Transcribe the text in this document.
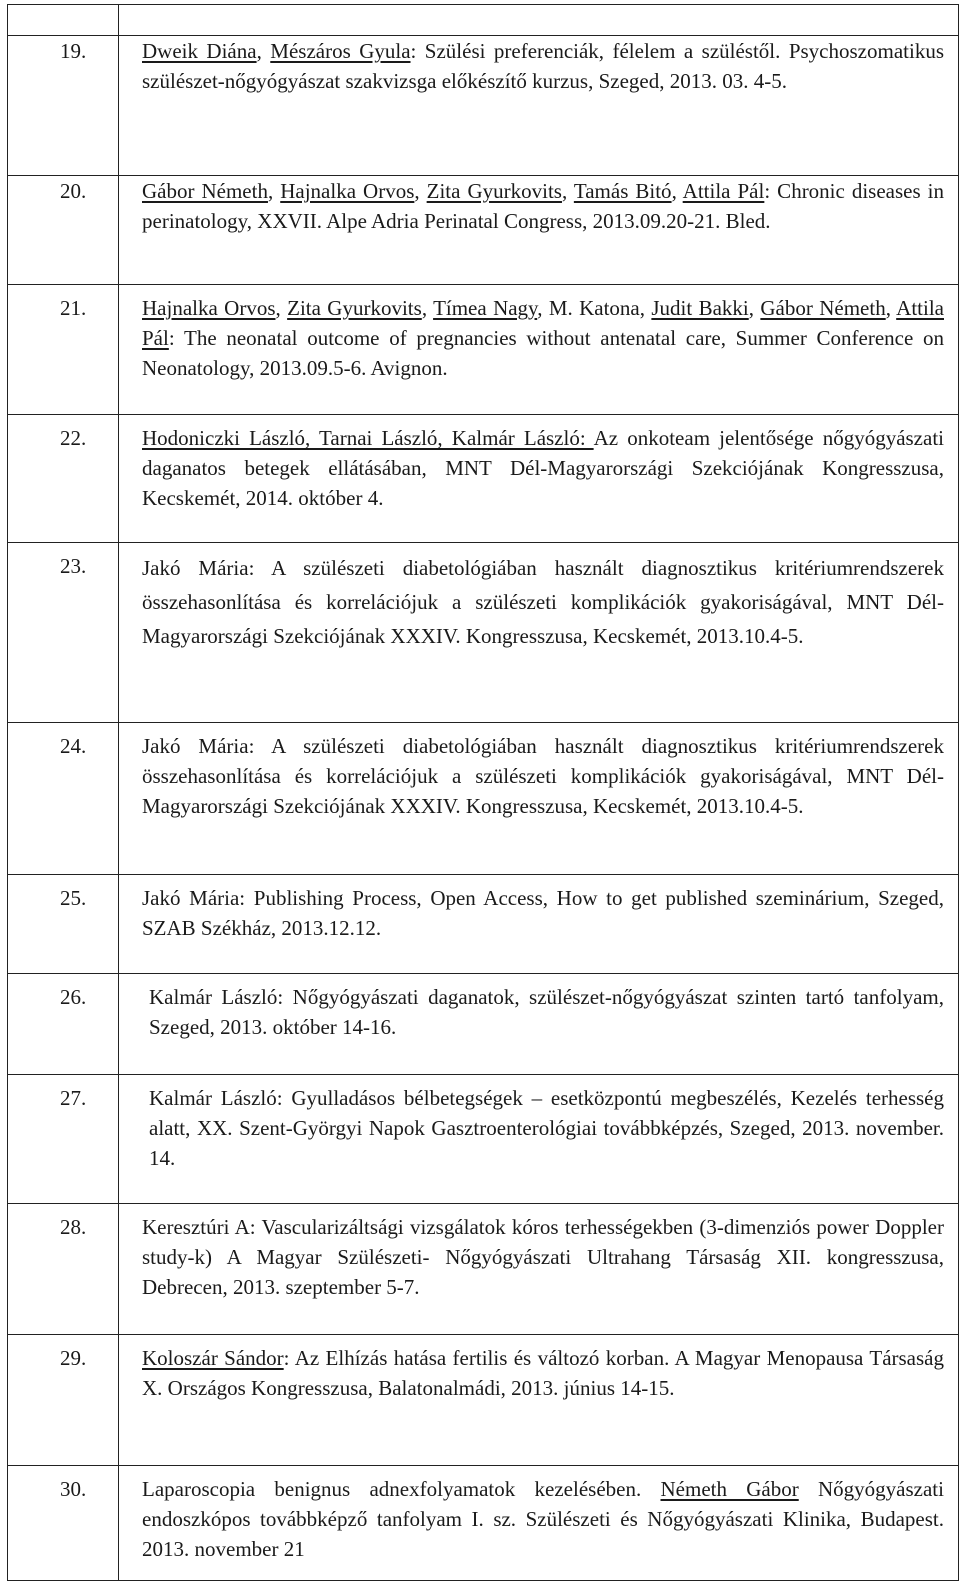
19.	Dweik Diána, Mészáros Gyula: Szülési preferenciák, félelem a szüléstől. Psychoszomatikus szülészet-nőgyógyászat szakvizsga előkészítő kurzus, Szeged, 2013. 03. 4-5.

20.	Gábor Németh, Hajnalka Orvos, Zita Gyurkovits, Tamás Bitó, Attila Pál: Chronic diseases in perinatology, XXVII. Alpe Adria Perinatal Congress, 2013.09.20-21. Bled.

21.	Hajnalka Orvos, Zita Gyurkovits, Tímea Nagy, M. Katona, Judit Bakki, Gábor Németh, Attila Pál: The neonatal outcome of pregnancies without antenatal care, Summer Conference on Neonatology, 2013.09.5-6. Avignon.

22.	Hodoniczki László, Tarnai László, Kalmár László: Az onkoteam jelentősége nőgyógyászati daganatos betegek ellátásában, MNT Dél-Magyarországi Szekciójának Kongresszusa, Kecskemét, 2014. október 4.

23.	Jakó Mária: A szülészeti diabetológiában használt diagnosztikus kritériumrendszerek összehasonlítása és korrelációjuk a szülészeti komplikációk gyakoriságával, MNT Dél-Magyarországi Szekciójának XXXIV. Kongresszusa, Kecskemét, 2013.10.4-5.

24.	Jakó Mária: A szülészeti diabetológiában használt diagnosztikus kritériumrendszerek összehasonlítása és korrelációjuk a szülészeti komplikációk gyakoriságával, MNT Dél-Magyarországi Szekciójának XXXIV. Kongresszusa, Kecskemét, 2013.10.4-5.

25.	Jakó Mária: Publishing Process, Open Access, How to get published szeminárium, Szeged, SZAB Székház, 2013.12.12.

26.	Kalmár László: Nőgyógyászati daganatok, szülészet-nőgyógyászat szinten tartó tanfolyam, Szeged, 2013. október 14-16.

27.	Kalmár László: Gyulladásos bélbetegségek – esetközpontú megbeszélés, Kezelés terhesség alatt, XX. Szent-Györgyi Napok Gasztroenterológiai továbbképzés, Szeged, 2013. november. 14.

28.	Keresztúri A: Vascularizáltsági vizsgálatok kóros terhességekben (3-dimenziós power Doppler study-k) A Magyar Szülészeti- Nőgyógyászati Ultrahang Társaság XII. kongresszusa, Debrecen, 2013. szeptember 5-7.

29.	Koloszár Sándor: Az Elhízás hatása fertilis és változó korban. A Magyar Menopausa Társaság X. Országos Kongresszusa, Balatonalmádi, 2013. június 14-15.

30.	Laparoscopia benignus adnexfolyamatok kezelésében. Németh Gábor Nőgyógyászati endoszkópos továbbképző tanfolyam I. sz. Szülészeti és Nőgyógyászati Klinika, Budapest. 2013. november 21
